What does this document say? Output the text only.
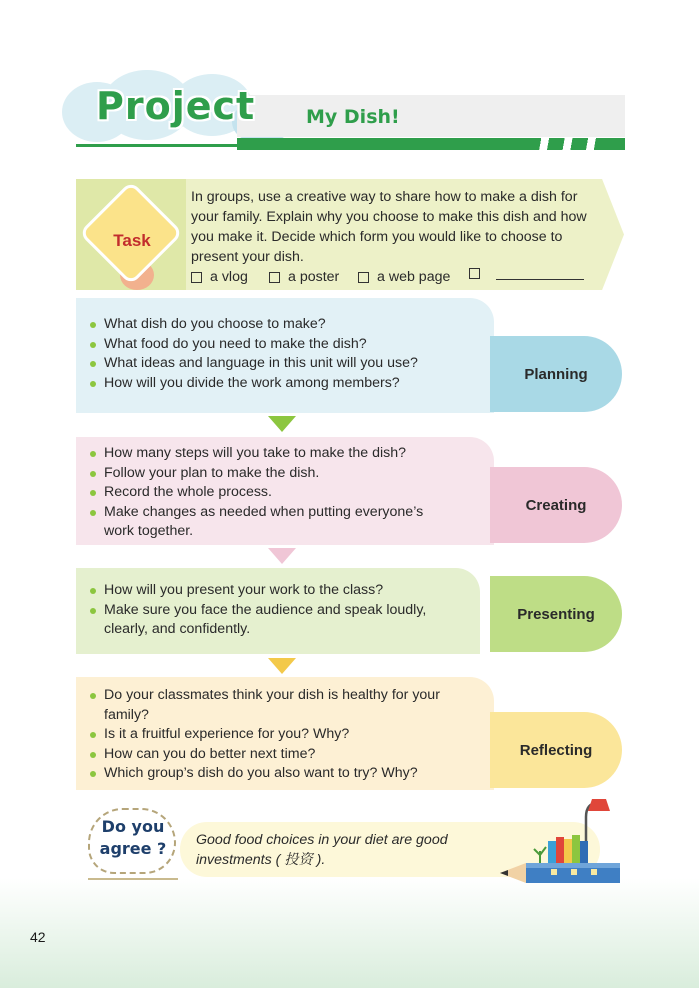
Project	My Dish!
Task
In groups, use a creative way to share how to make a dish for
your family. Explain why you choose to make this dish and how
you make it. Decide which form you would like to choose to
present your dish.
a vlog	a poster	a web page
Planning
What dish do you choose to make?
What food do you need to make the dish?
What ideas and language in this unit will you use?
How will you divide the work among members?
Creating
How many steps will you take to make the dish?
Follow your plan to make the dish.
Record the whole process.
Make changes as needed when putting everyone’s
work together.
Presenting
How will you present your work to the class?
Make sure you face the audience and speak loudly,
clearly, and confidently.
Reflecting
Do your classmates think your dish is healthy for your
family?
Is it a fruitful experience for you? Why?
How can you do better next time?
Which group’s dish do you also want to try? Why?
Do you
agree ?	Good food choices in your diet are good
investments ( 投资 ).
42
